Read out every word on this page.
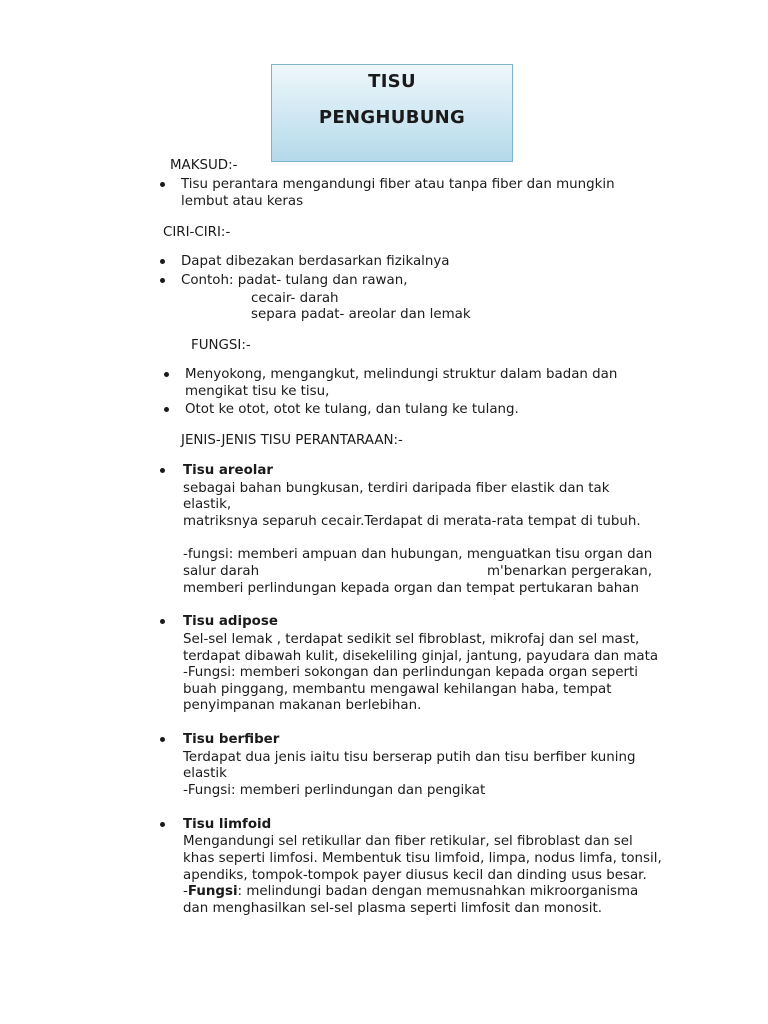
TISU
PENGHUBUNG
MAKSUD:-
Tisu perantara mengandungi fiber atau tanpa fiber dan mungkin
lembut atau keras
CIRI-CIRI:-
Dapat dibezakan berdasarkan fizikalnya
Contoh: padat- tulang dan rawan,
cecair- darah
separa padat- areolar dan lemak
FUNGSI:-
Menyokong, mengangkut, melindungi struktur dalam badan dan
mengikat tisu ke tisu,
Otot ke otot, otot ke tulang, dan tulang ke tulang.
JENIS-JENIS TISU PERANTARAAN:-
Tisu areolar
sebagai bahan bungkusan, terdiri daripada fiber elastik dan tak
elastik,
matriksnya separuh cecair.Terdapat di merata-rata tempat di tubuh.
-fungsi: memberi ampuan dan hubungan, menguatkan tisu organ dan
salur darah	m'benarkan pergerakan,
memberi perlindungan kepada organ dan tempat pertukaran bahan
Tisu adipose
Sel-sel lemak , terdapat sedikit sel fibroblast, mikrofaj dan sel mast,
terdapat dibawah kulit, disekeliling ginjal, jantung, payudara dan mata
-Fungsi: memberi sokongan dan perlindungan kepada organ seperti
buah pinggang, membantu mengawal kehilangan haba, tempat
penyimpanan makanan berlebihan.
Tisu berfiber
Terdapat dua jenis iaitu tisu berserap putih dan tisu berfiber kuning
elastik
-Fungsi: memberi perlindungan dan pengikat
Tisu limfoid
Mengandungi sel retikullar dan fiber retikular, sel fibroblast dan sel
khas seperti limfosi. Membentuk tisu limfoid, limpa, nodus limfa, tonsil,
apendiks, tompok-tompok payer diusus kecil dan dinding usus besar.
-Fungsi: melindungi badan dengan memusnahkan mikroorganisma
dan menghasilkan sel-sel plasma seperti limfosit dan monosit.
